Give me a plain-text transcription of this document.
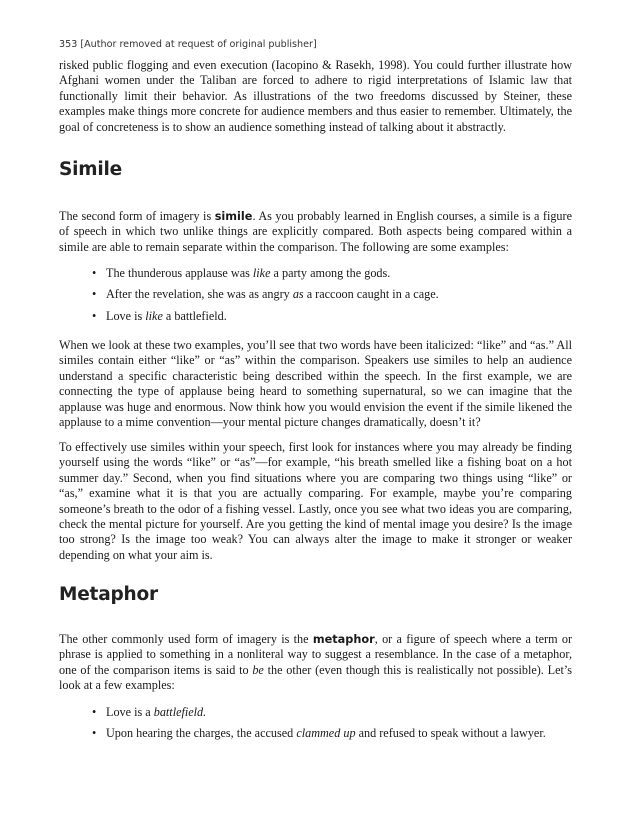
353 [Author removed at request of original publisher]

risked public flogging and even execution (Iacopino & Rasekh, 1998). You could further illustrate how Afghani women under the Taliban are forced to adhere to rigid interpretations of Islamic law that functionally limit their behavior. As illustrations of the two freedoms discussed by Steiner, these examples make things more concrete for audience members and thus easier to remember. Ultimately, the goal of concreteness is to show an audience something instead of talking about it abstractly.

Simile

The second form of imagery is simile. As you probably learned in English courses, a simile is a figure of speech in which two unlike things are explicitly compared. Both aspects being compared within a simile are able to remain separate within the comparison. The following are some examples:

• The thunderous applause was like a party among the gods.
• After the revelation, she was as angry as a raccoon caught in a cage.
• Love is like a battlefield.

When we look at these two examples, you’ll see that two words have been italicized: “like” and “as.” All similes contain either “like” or “as” within the comparison. Speakers use similes to help an audience understand a specific characteristic being described within the speech. In the first example, we are connecting the type of applause being heard to something supernatural, so we can imagine that the applause was huge and enormous. Now think how you would envision the event if the simile likened the applause to a mime convention—your mental picture changes dramatically, doesn’t it?

To effectively use similes within your speech, first look for instances where you may already be finding yourself using the words “like” or “as”—for example, “his breath smelled like a fishing boat on a hot summer day.” Second, when you find situations where you are comparing two things using “like” or “as,” examine what it is that you are actually comparing. For example, maybe you’re comparing someone’s breath to the odor of a fishing vessel. Lastly, once you see what two ideas you are comparing, check the mental picture for yourself. Are you getting the kind of mental image you desire? Is the image too strong? Is the image too weak? You can always alter the image to make it stronger or weaker depending on what your aim is.

Metaphor

The other commonly used form of imagery is the metaphor, or a figure of speech where a term or phrase is applied to something in a nonliteral way to suggest a resemblance. In the case of a metaphor, one of the comparison items is said to be the other (even though this is realistically not possible). Let’s look at a few examples:

• Love is a battlefield.
• Upon hearing the charges, the accused clammed up and refused to speak without a lawyer.
